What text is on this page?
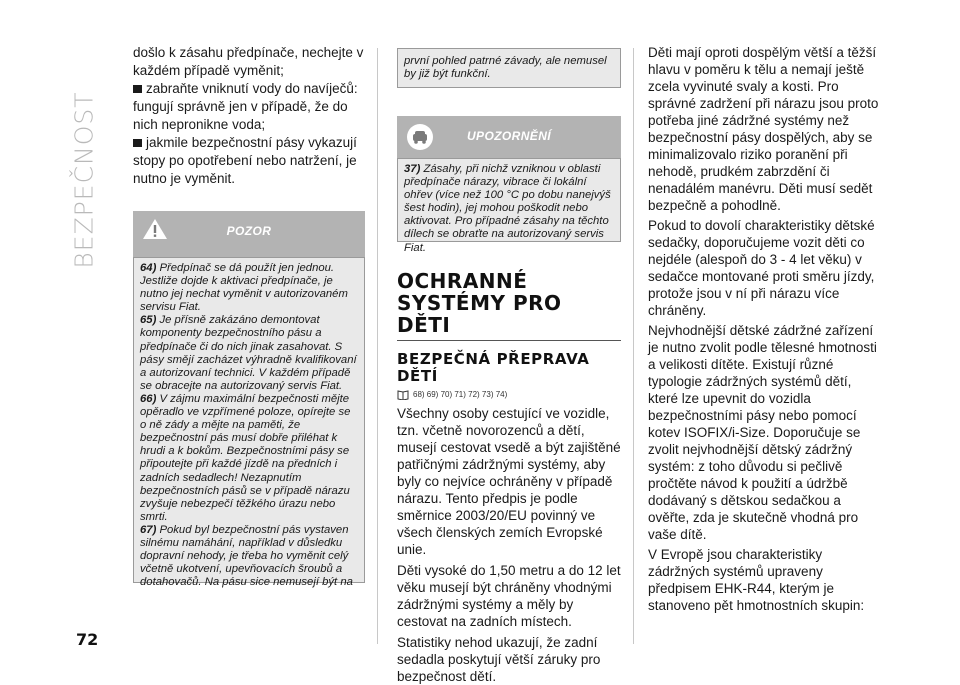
BEZPEČNOST

došlo k zásahu předpínače, nechejte v

každém případě vyměnit;

zabraňte vniknutí vody do navíječů:

fungují správně jen v případě, že do

nich nepronikne voda;

jakmile bezpečnostní pásy vykazují

stopy po opotřebení nebo natržení, je

nutno je vyměnit.

POZOR
64) Předpínač se dá použít jen jednou. Jestliže dojde k aktivaci předpínače, je nutno jej nechat vyměnit v autorizovaném servisu Fiat.
65) Je přísně zakázáno demontovat komponenty bezpečnostního pásu a předpínače či do nich jinak zasahovat. S pásy smějí zacházet výhradně kvalifikovaní a autorizovaní technici. V každém případě se obracejte na autorizovaný servis Fiat.
66) V zájmu maximální bezpečnosti mějte opěradlo ve vzpřímené poloze, opírejte se o ně zády a mějte na paměti, že bezpečnostní pás musí dobře přiléhat k hrudi a k bokům. Bezpečnostními pásy se připoutejte při každé jízdě na předních i zadních sedadlech! Nezapnutím bezpečnostních pásů se v případě nárazu zvyšuje nebezpečí těžkého úrazu nebo smrti.
67) Pokud byl bezpečnostní pás vystaven silnému namáhání, například v důsledku dopravní nehody, je třeba ho vyměnit celý včetně ukotvení, upevňovacích šroubů a dotahovačů. Na pásu sice nemusejí být na
první pohled patrné závady, ale nemusel by již být funkční.
UPOZORNĚNÍ
37) Zásahy, při nichž vzniknou v oblasti předpínače nárazy, vibrace či lokální ohřev (více než 100 °C po dobu nanejvýš šest hodin), jej mohou poškodit nebo aktivovat. Pro případné zásahy na těchto dílech se obraťte na autorizovaný servis Fiat.

OCHRANNÉ

SYSTÉMY PRO DĚTI

BEZPEČNÁ PŘEPRAVA

DĚTÍ

68) 69) 70) 71) 72) 73) 74)

Všechny osoby cestující ve vozidle, tzn. včetně novorozenců a dětí, musejí cestovat vsedě a být zajištěné patřičnými zádržnými systémy, aby byly co nejvíce ochráněny v případě nárazu. Tento předpis je podle směrnice 2003/20/EU povinný ve všech členských zemích Evropské unie.

Děti vysoké do 1,50 metru a do 12 let věku musejí být chráněny vhodnými zádržnými systémy a měly by cestovat na zadních místech.

Statistiky nehod ukazují, že zadní sedadla poskytují větší záruky pro bezpečnost dětí.

Děti mají oproti dospělým větší a těžší hlavu v poměru k tělu a nemají ještě zcela vyvinuté svaly a kosti. Pro správné zadržení při nárazu jsou proto potřeba jiné zádržné systémy než bezpečnostní pásy dospělých, aby se minimalizovalo riziko poranění při nehodě, prudkém zabrzdění či nenadálém manévru. Děti musí sedět bezpečně a pohodlně.

Pokud to dovolí charakteristiky dětské sedačky, doporučujeme vozit děti co nejdéle (alespoň do 3 - 4 let věku) v sedačce montované proti směru jízdy, protože jsou v ní při nárazu více chráněny.

Nejvhodnější dětské zádržné zařízení je nutno zvolit podle tělesné hmotnosti a velikosti dítěte. Existují různé typologie zádržných systémů dětí, které lze upevnit do vozidla bezpečnostními pásy nebo pomocí kotev ISOFIX/i-Size. Doporučuje se zvolit nejvhodnější dětský zádržný systém: z toho důvodu si pečlivě pročtěte návod k použití a údržbě dodávaný s dětskou sedačkou a ověřte, zda je skutečně vhodná pro vaše dítě.

V Evropě jsou charakteristiky zádržných systémů upraveny předpisem EHK-R44, kterým je stanoveno pět hmotnostních skupin:

72
